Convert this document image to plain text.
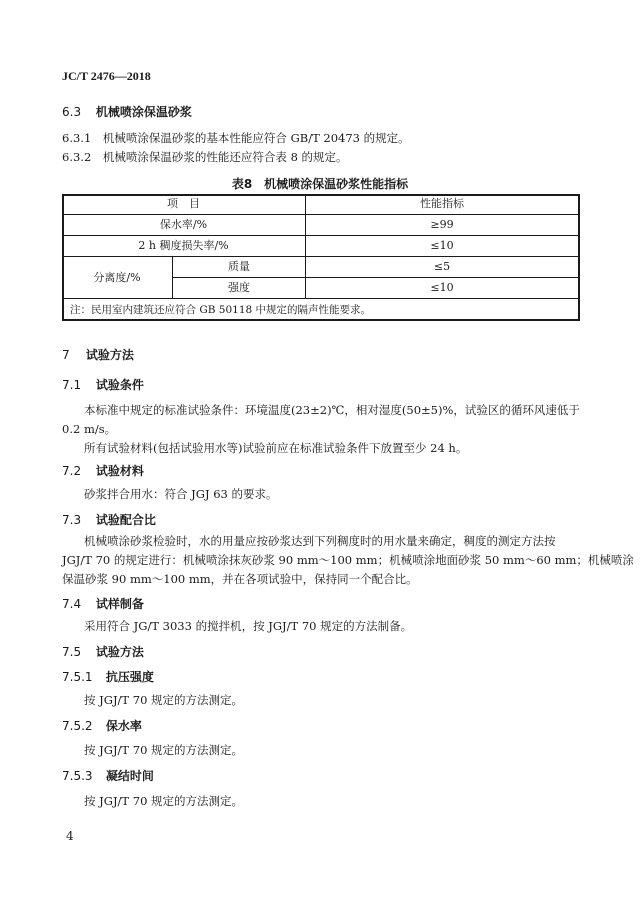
JC/T 2476—2018
6.3 机械喷涂保温砂浆
6.3.1 机械喷涂保温砂浆的基本性能应符合 GB/T 20473 的规定。
6.3.2 机械喷涂保温砂浆的性能还应符合表 8 的规定。
表8　机械喷涂保温砂浆性能指标
项　目	性能指标
保水率/%	≥99
2 h 稠度损失率/%	≤10
分离度/%
质量	≤5
强度	≤10
注：民用室内建筑还应符合 GB 50118 中规定的隔声性能要求。
7 试验方法
7.1 试验条件
本标准中规定的标准试验条件：环境温度(23±2)℃，相对湿度(50±5)%，试验区的循环风速低于
0.2 m/s。
所有试验材料(包括试验用水等)试验前应在标准试验条件下放置至少 24 h。
7.2 试验材料
砂浆拌合用水：符合 JGJ 63 的要求。
7.3 试验配合比
机械喷涂砂浆检验时，水的用量应按砂浆达到下列稠度时的用水量来确定，稠度的测定方法按
JGJ/T 70 的规定进行：机械喷涂抹灰砂浆 90 mm～100 mm；机械喷涂地面砂浆 50 mm～60 mm；机械喷涂
保温砂浆 90 mm～100 mm，并在各项试验中，保持同一个配合比。
7.4 试样制备
采用符合 JG/T 3033 的搅拌机，按 JGJ/T 70 规定的方法制备。
7.5 试验方法
7.5.1 抗压强度
按 JGJ/T 70 规定的方法测定。
7.5.2 保水率
按 JGJ/T 70 规定的方法测定。
7.5.3 凝结时间
按 JGJ/T 70 规定的方法测定。
4
